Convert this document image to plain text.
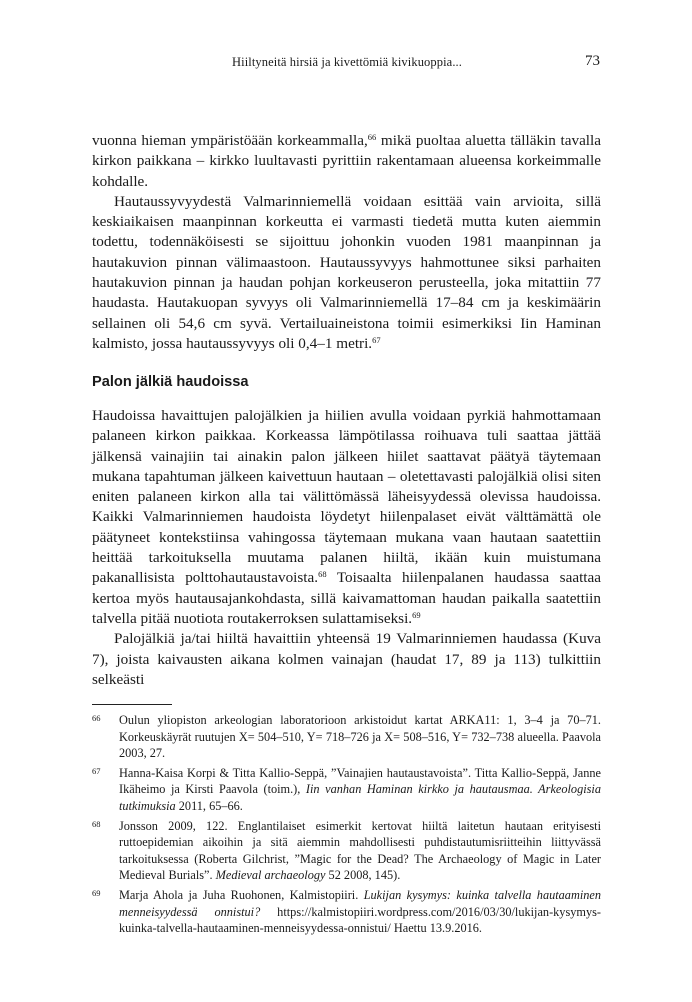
Hiiltyneitä hirsiä ja kivettömiä kivikuoppia...	73

vuonna hieman ympäristöään korkeammalla,$^{66}$ mikä puoltaa aluetta tälläkin tavalla kirkon paikkana – kirkko luultavasti pyrittiin rakentamaan alueensa korkeimmalle kohdalle.

Hautaussyvyydestä Valmarinniemellä voidaan esittää vain arvioita, sillä keskiaikaisen maanpinnan korkeutta ei varmasti tiedetä mutta kuten aiemmin todettu, todennäköisesti se sijoittuu johonkin vuoden 1981 maanpinnan ja hautakuvion pinnan välimaastoon. Hautaussyvyys hahmottunee siksi parhaiten hautakuvion pinnan ja haudan pohjan korkeuseron perusteella, joka mitattiin 77 haudasta. Hautakuopan syvyys oli Valmarinniemellä 17–84 cm ja keskimäärin sellainen oli 54,6 cm syvä. Vertailuaineistona toimii esimerkiksi Iin Haminan kalmisto, jossa hautaussyvyys oli 0,4–1 metri.$^{67}$

Palon jälkiä haudoissa

Haudoissa havaittujen palojälkien ja hiilien avulla voidaan pyrkiä hahmottamaan palaneen kirkon paikkaa. Korkeassa lämpötilassa roihuava tuli saattaa jättää jälkensä vainajiin tai ainakin palon jälkeen hiilet saattavat päätyä täytemaan mukana tapahtuman jälkeen kaivettuun hautaan – oletettavasti palojälkiä olisi siten eniten palaneen kirkon alla tai välittömässä läheisyydessä olevissa haudoissa. Kaikki Valmarinniemen haudoista löydetyt hiilenpalaset eivät välttämättä ole päätyneet kontekstiinsa vahingossa täytemaan mukana vaan hautaan saatettiin heittää tarkoituksella muutama palanen hiiltä, ikään kuin muistumana pakanallisista polttohautaustavoista.$^{68}$ Toisaalta hiilenpalanen haudassa saattaa kertoa myös hautausajankohdasta, sillä kaivamattoman haudan paikalla saatettiin talvella pitää nuotiota routakerroksen sulattamiseksi.$^{69}$

Palojälkiä ja/tai hiiltä havaittiin yhteensä 19 Valmarinniemen haudassa (Kuva 7), joista kaivausten aikana kolmen vainajan (haudat 17, 89 ja 113) tulkittiin selkeästi

66 Oulun yliopiston arkeologian laboratorioon arkistoidut kartat ARKA11: 1, 3–4 ja 70–71. Korkeuskäyrät ruutujen X= 504–510, Y= 718–726 ja X= 508–516, Y= 732–738 alueella. Paavola 2003, 27.
67 Hanna-Kaisa Korpi & Titta Kallio-Seppä, ”Vainajien hautaustavoista”. Titta Kallio-Seppä, Janne Ikäheimo ja Kirsti Paavola (toim.), Iin vanhan Haminan kirkko ja hautausmaa. Arkeologisia tutkimuksia 2011, 65–66.
68 Jonsson 2009, 122. Englantilaiset esimerkit kertovat hiiltä laitetun hautaan erityisesti ruttoepidemian aikoihin ja sitä aiemmin mahdollisesti puhdistautumisriitteihin liittyvässä tarkoituksessa (Roberta Gilchrist, ”Magic for the Dead? The Archaeology of Magic in Later Medieval Burials”. Medieval archaeology 52 2008, 145).
69 Marja Ahola ja Juha Ruohonen, Kalmistopiiri. Lukijan kysymys: kuinka talvella hautaaminen menneisyydessä onnistui? https://kalmistopiiri.wordpress.com/2016/03/30/lukijan-kysymys-kuinka-talvella-hautaaminen-menneisyydessa-onnistui/ Haettu 13.9.2016.
